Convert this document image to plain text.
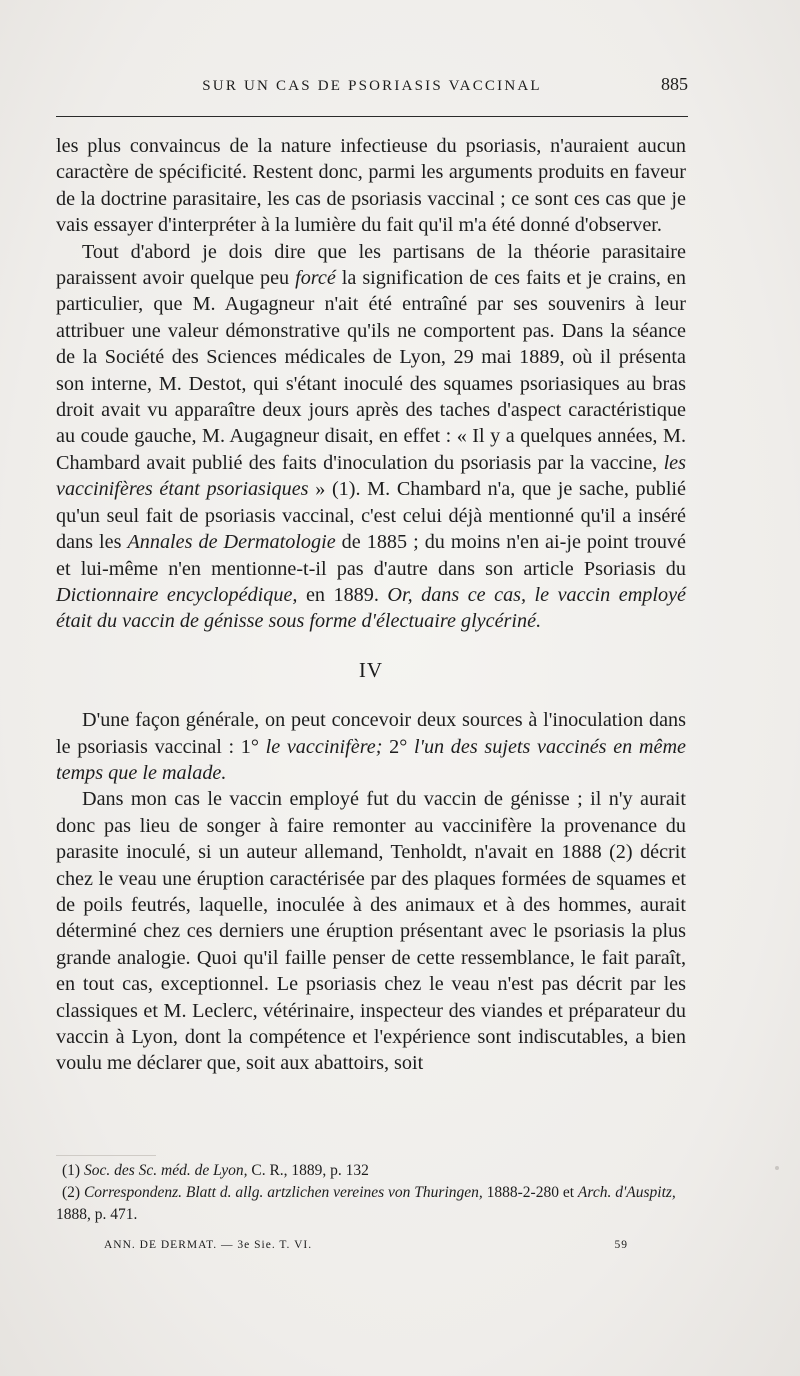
SUR UN CAS DE PSORIASIS VACCINAL	885

les plus convaincus de la nature infectieuse du psoriasis, n'auraient aucun caractère de spécificité. Restent donc, parmi les arguments produits en faveur de la doctrine parasitaire, les cas de psoriasis vaccinal ; ce sont ces cas que je vais essayer d'interpréter à la lumière du fait qu'il m'a été donné d'observer.

Tout d'abord je dois dire que les partisans de la théorie parasitaire paraissent avoir quelque peu forcé la signification de ces faits et je crains, en particulier, que M. Augagneur n'ait été entraîné par ses souvenirs à leur attribuer une valeur démonstrative qu'ils ne comportent pas. Dans la séance de la Société des Sciences médicales de Lyon, 29 mai 1889, où il présenta son interne, M. Destot, qui s'étant inoculé des squames psoriasiques au bras droit avait vu apparaître deux jours après des taches d'aspect caractéristique au coude gauche, M. Augagneur disait, en effet : « Il y a quelques années, M. Chambard avait publié des faits d'inoculation du psoriasis par la vaccine, les vaccinifères étant psoriasiques » (1). M. Chambard n'a, que je sache, publié qu'un seul fait de psoriasis vaccinal, c'est celui déjà mentionné qu'il a inséré dans les Annales de Dermatologie de 1885 ; du moins n'en ai-je point trouvé et lui-même n'en mentionne-t-il pas d'autre dans son article Psoriasis du Dictionnaire encyclopédique, en 1889. Or, dans ce cas, le vaccin employé était du vaccin de génisse sous forme d'électuaire glycériné.

IV

D'une façon générale, on peut concevoir deux sources à l'inoculation dans le psoriasis vaccinal : 1° le vaccinifère; 2° l'un des sujets vaccinés en même temps que le malade.

Dans mon cas le vaccin employé fut du vaccin de génisse ; il n'y aurait donc pas lieu de songer à faire remonter au vaccinifère la provenance du parasite inoculé, si un auteur allemand, Tenholdt, n'avait en 1888 (2) décrit chez le veau une éruption caractérisée par des plaques formées de squames et de poils feutrés, laquelle, inoculée à des animaux et à des hommes, aurait déterminé chez ces derniers une éruption présentant avec le psoriasis la plus grande analogie. Quoi qu'il faille penser de cette ressemblance, le fait paraît, en tout cas, exceptionnel. Le psoriasis chez le veau n'est pas décrit par les classiques et M. Leclerc, vétérinaire, inspecteur des viandes et préparateur du vaccin à Lyon, dont la compétence et l'expérience sont indiscutables, a bien voulu me déclarer que, soit aux abattoirs, soit

(1) Soc. des Sc. méd. de Lyon, C. R., 1889, p. 132

(2) Correspondenz. Blatt d. allg. artzlichen vereines von Thuringen, 1888-2-280 et Arch. d'Auspitz, 1888, p. 471.

ANN. DE DERMAT. — 3e Sie. T. VI.	59
